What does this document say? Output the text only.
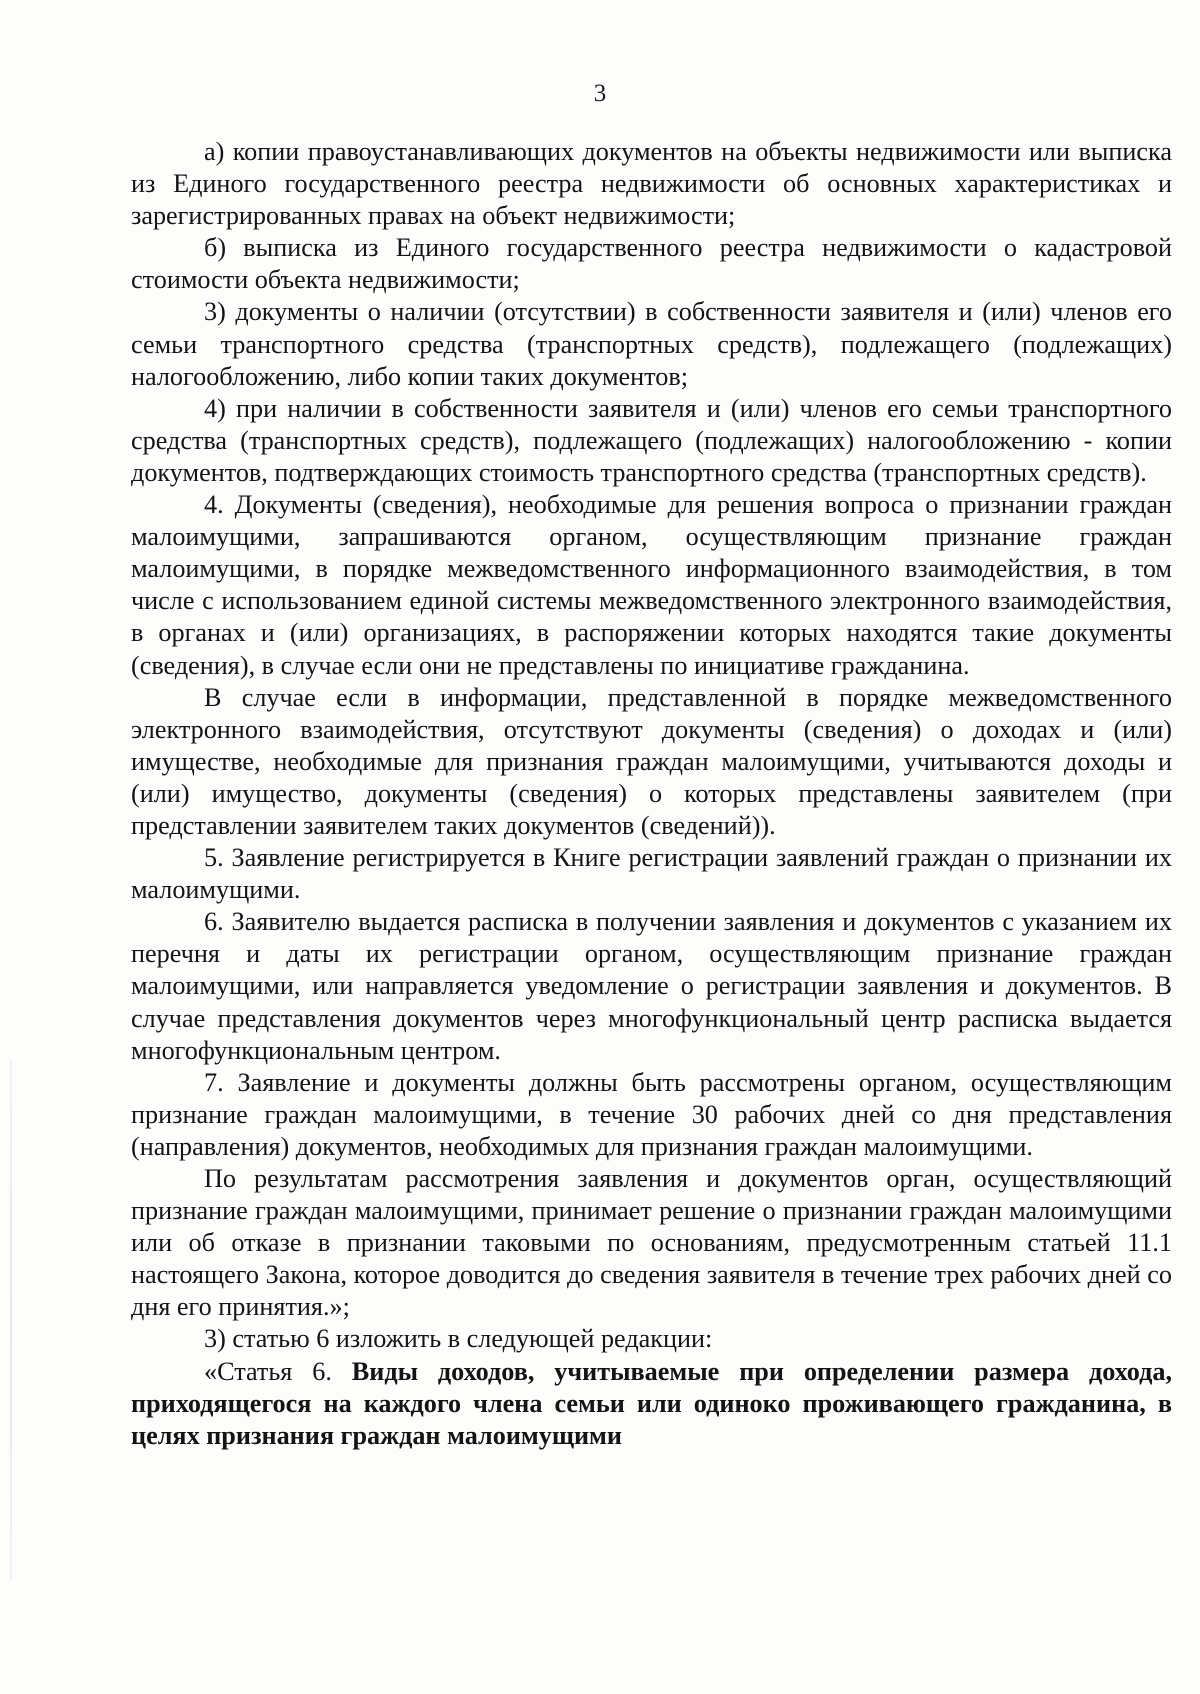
3

а) копии правоустанавливающих документов на объекты недвижимости или выписка из Единого государственного реестра недвижимости об основных характеристиках и зарегистрированных правах на объект недвижимости;

б) выписка из Единого государственного реестра недвижимости о кадастровой стоимости объекта недвижимости;

3) документы о наличии (отсутствии) в собственности заявителя и (или) членов его семьи транспортного средства (транспортных средств), подлежащего (подлежащих) налогообложению, либо копии таких документов;

4) при наличии в собственности заявителя и (или) членов его семьи транспортного средства (транспортных средств), подлежащего (подлежащих) налогообложению - копии документов, подтверждающих стоимость транспортного средства (транспортных средств).

4. Документы (сведения), необходимые для решения вопроса о признании граждан малоимущими, запрашиваются органом, осуществляющим признание граждан малоимущими, в порядке межведомственного информационного взаимодействия, в том числе с использованием единой системы межведомственного электронного взаимодействия, в органах и (или) организациях, в распоряжении которых находятся такие документы (сведения), в случае если они не представлены по инициативе гражданина.

В случае если в информации, представленной в порядке межведомственного электронного взаимодействия, отсутствуют документы (сведения) о доходах и (или) имуществе, необходимые для признания граждан малоимущими, учитываются доходы и (или) имущество, документы (сведения) о которых представлены заявителем (при представлении заявителем таких документов (сведений)).

5. Заявление регистрируется в Книге регистрации заявлений граждан о признании их малоимущими.

6. Заявителю выдается расписка в получении заявления и документов с указанием их перечня и даты их регистрации органом, осуществляющим признание граждан малоимущими, или направляется уведомление о регистрации заявления и документов. В случае представления документов через многофункциональный центр расписка выдается многофункциональным центром.

7. Заявление и документы должны быть рассмотрены органом, осуществляющим признание граждан малоимущими, в течение 30 рабочих дней со дня представления (направления) документов, необходимых для признания граждан малоимущими.

По результатам рассмотрения заявления и документов орган, осуществляющий признание граждан малоимущими, принимает решение о признании граждан малоимущими или об отказе в признании таковыми по основаниям, предусмотренным статьей 11.1 настоящего Закона, которое доводится до сведения заявителя в течение трех рабочих дней со дня его принятия.»;

3) статью 6 изложить в следующей редакции:

«Статья 6. Виды доходов, учитываемые при определении размера дохода, приходящегося на каждого члена семьи или одиноко проживающего гражданина, в целях признания граждан малоимущими
